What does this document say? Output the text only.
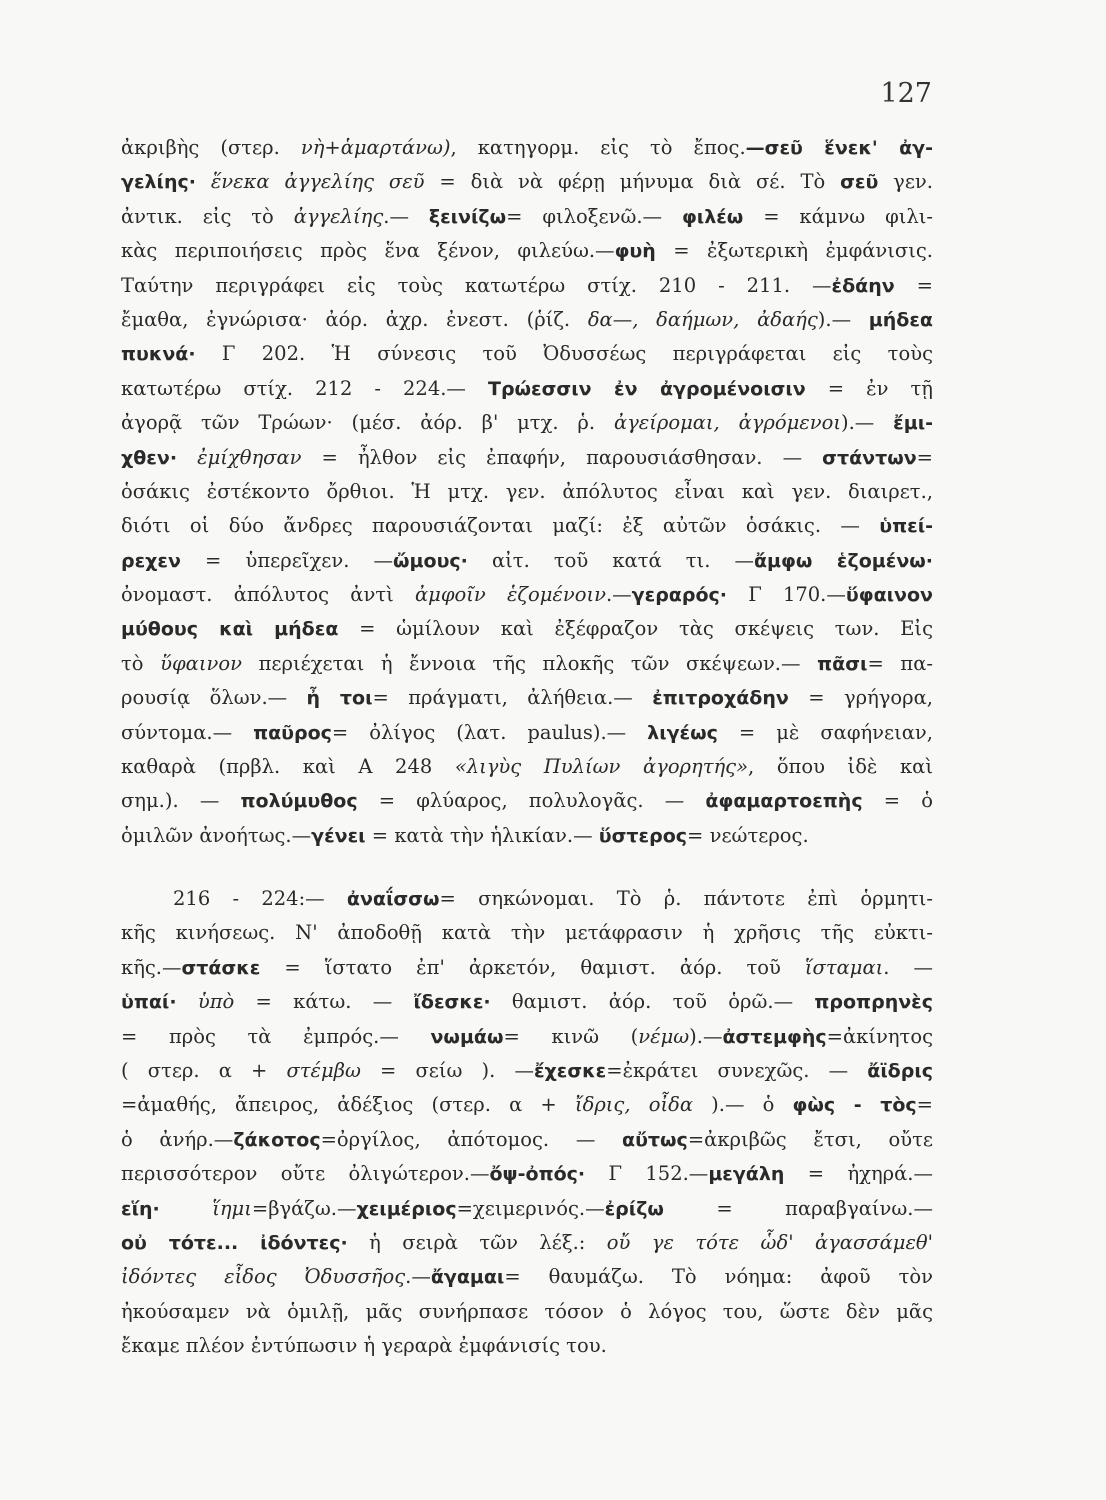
127
ἀκριβὴς (στερ. νὴ+ἁμαρτάνω), κατηγορμ. εἰς τὸ ἔπος.—σεῦ ἕνεκ' ἀγ-
γελίης· ἕνεκα ἀγγελίης σεῦ = διὰ νὰ φέρῃ μήνυμα διὰ σέ. Τὸ σεῦ γεν.
ἀντικ. εἰς τὸ ἀγγελίης.— ξεινίζω= φιλοξενῶ.— φιλέω = κάμνω φιλι-
κὰς περιποιήσεις πρὸς ἕνα ξένον, φιλεύω.—φυὴ = ἐξωτερικὴ ἐμφάνισις.
Ταύτην περιγράφει εἰς τοὺς κατωτέρω στίχ. 210 - 211. —ἐδάην =
ἔμαθα, ἐγνώρισα· ἀόρ. ἀχρ. ἐνεστ. (ῥίζ. δα—, δαήμων, ἀδαής).— μήδεα
πυκνά· Γ 202. Ἡ σύνεσις τοῦ Ὀδυσσέως περιγράφεται εἰς τοὺς
κατωτέρω στίχ. 212 - 224.— Τρώεσσιν ἐν ἀγρομένοισιν = ἐν τῇ
ἀγορᾷ τῶν Τρώων· (μέσ. ἀόρ. β' μτχ. ῥ. ἀγείρομαι, ἀγρόμενοι).— ἔμι-
χθεν· ἐμίχθησαν = ἦλθον εἰς ἐπαφήν, παρουσιάσθησαν. — στάντων=
ὁσάκις ἐστέκοντο ὄρθιοι. Ἡ μτχ. γεν. ἀπόλυτος εἶναι καὶ γεν. διαιρετ.,
διότι οἱ δύο ἄνδρες παρουσιάζονται μαζί: ἐξ αὐτῶν ὁσάκις. — ὑπεί-
ρεχεν = ὑπερεῖχεν. —ὤμους· αἰτ. τοῦ κατά τι. —ἄμφω ἑζομένω·
ὀνομαστ. ἀπόλυτος ἀντὶ ἀμφοῖν ἑζομένοιν.—γεραρός· Γ 170.—ὕφαινον
μύθους καὶ μήδεα = ὡμίλουν καὶ ἐξέφραζον τὰς σκέψεις των. Εἰς
τὸ ὕφαινον περιέχεται ἡ ἔννοια τῆς πλοκῆς τῶν σκέψεων.— πᾶσι= πα-
ρουσίᾳ ὅλων.— ἦ τοι= πράγματι, ἀλήθεια.— ἐπιτροχάδην = γρήγορα,
σύντομα.— παῦρος= ὀλίγος (λατ. paulus).— λιγέως = μὲ σαφήνειαν,
καθαρὰ (πρβλ. καὶ Α 248 «λιγὺς Πυλίων ἀγορητής», ὅπου ἰδὲ καὶ
σημ.). — πολύμυθος = φλύαρος, πολυλογᾶς. — ἀφαμαρτοεπὴς = ὁ
ὁμιλῶν ἀνοήτως.—γένει = κατὰ τὴν ἡλικίαν.— ὕστερος= νεώτερος.
216 - 224:— ἀναΐσσω= σηκώνομαι. Τὸ ῥ. πάντοτε ἐπὶ ὁρμητι-
κῆς κινήσεως. Ν' ἀποδοθῇ κατὰ τὴν μετάφρασιν ἡ χρῆσις τῆς εὐκτι-
κῆς.—στάσκε = ἵστατο ἐπ' ἀρκετόν, θαμιστ. ἀόρ. τοῦ ἵσταμαι. —
ὑπαί· ὑπὸ = κάτω. — ἴδεσκε· θαμιστ. ἀόρ. τοῦ ὁρῶ.— προπρηνὲς
= πρὸς τὰ ἐμπρός.— νωμάω= κινῶ (νέμω).—ἀστεμφὴς=ἀκίνητος
( στερ. α + στέμβω = σείω ). —ἔχεσκε=ἐκράτει συνεχῶς. — ἄϊδρις
=ἀμαθής, ἄπειρος, ἀδέξιος (στερ. α + ἴδρις, οἶδα ).— ὁ φὼς - τὸς=
ὁ ἀνήρ.—ζάκοτος=ὀργίλος, ἀπότομος. — αὔτως=ἀκριβῶς ἔτσι, οὔτε
περισσότερον οὔτε ὀλιγώτερον.—ὄψ-ὀπός· Γ 152.—μεγάλη = ἠχηρά.—
εἵη·	ἵημι=βγάζω.—χειμέριος=χειμερινός.—ἐρίζω = παραβγαίνω.—
οὐ τότε... ἰδόντες· ἡ σειρὰ τῶν λέξ.: οὔ γε τότε ὧδ' ἀγασσάμεθ'
ἰδόντες εἶδος Ὀδυσσῆος.—ἄγαμαι= θαυμάζω. Τὸ νόημα: ἀφοῦ τὸν
ἠκούσαμεν νὰ ὁμιλῇ, μᾶς συνήρπασε τόσον ὁ λόγος του, ὥστε δὲν μᾶς
ἔκαμε πλέον ἐντύπωσιν ἡ γεραρὰ ἐμφάνισίς του.
